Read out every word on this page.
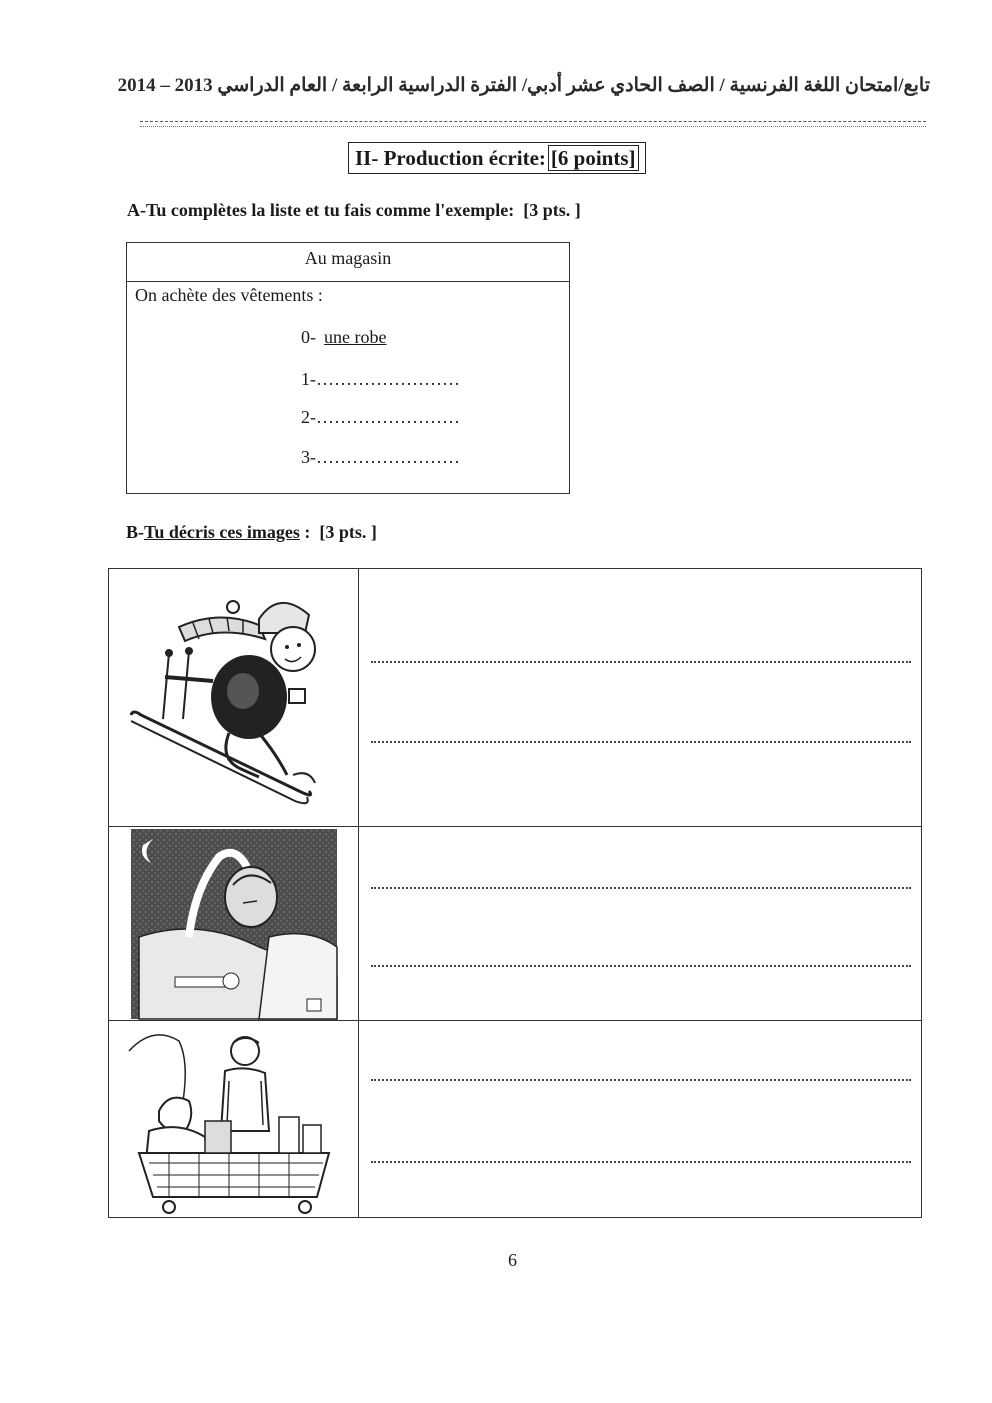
تابع/امتحان اللغة الفرنسية / الصف الحادي عشر أدبي/ الفترة الدراسية الرابعة / العام الدراسي 2013 – 2014
II- Production écrite: [6 points]
A-Tu complètes la liste et tu fais comme l'exemple: [3 pts. ]
Au magasin
On achète des vêtements :
0- une robe
1-……………………
2-……………………
3-……………………
B-Tu décris ces images :  [3 pts. ]
6
